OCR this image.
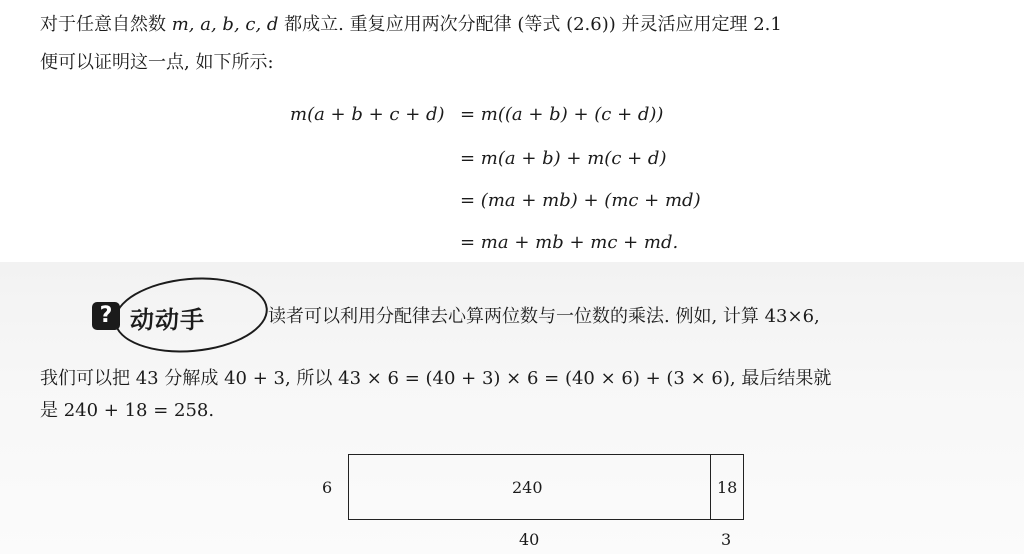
对于任意自然数 m, a, b, c, d 都成立. 重复应用两次分配律 (等式 (2.6)) 并灵活应用定理 2.1
便可以证明这一点, 如下所示:
m(a + b + c + d) = m((a + b) + (c + d))
= m(a + b) + m(c + d)
= (ma + mb) + (mc + md)
= ma + mb + mc + md.
? 动动手	读者可以利用分配律去心算两位数与一位数的乘法. 例如, 计算 43×6,
我们可以把 43 分解成 40 + 3, 所以 43 × 6 = (40 + 3) × 6 = (40 × 6) + (3 × 6), 最后结果就
是 240 + 18 = 258.
6	240	18
40	3
